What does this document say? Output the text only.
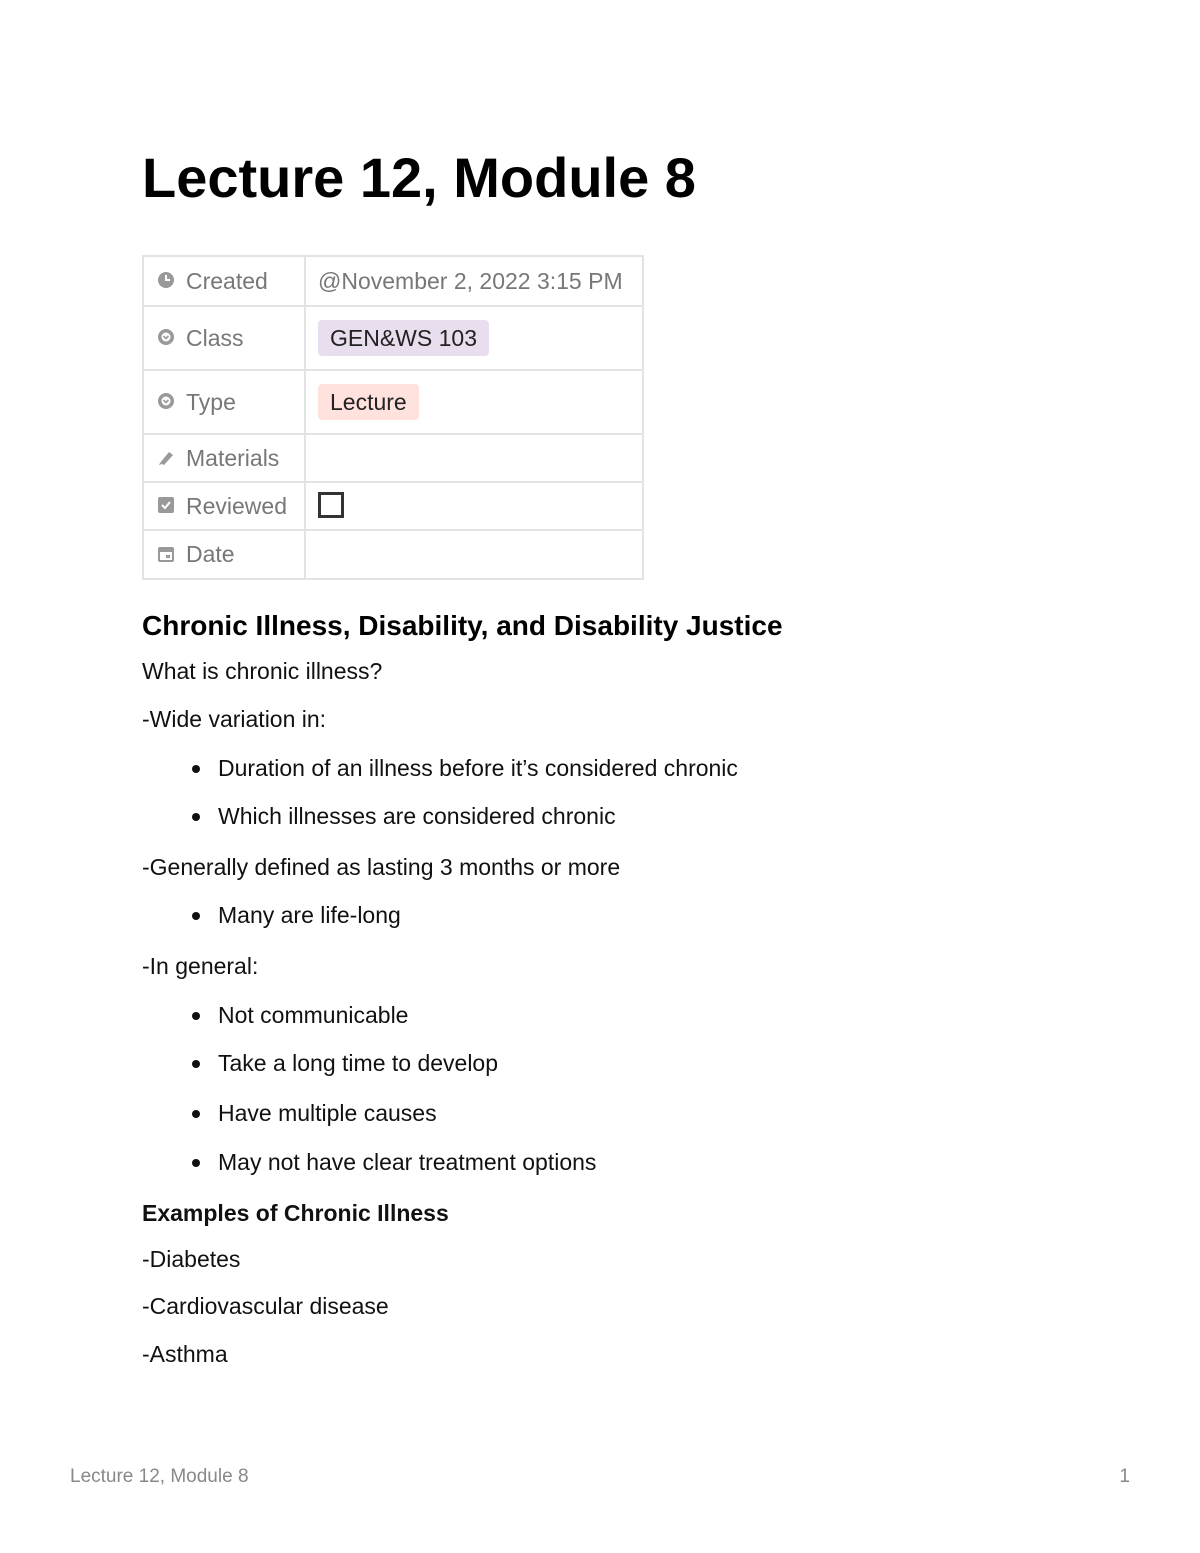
Lecture 12, Module 8
Created	@November 2, 2022 3:15 PM

Class	GEN&WS 103

Type	Lecture

Materials	

Reviewed	

Date	
Chronic Illness, Disability, and Disability Justice

What is chronic illness?

-Wide variation in:

Duration of an illness before it’s considered chronic

Which illnesses are considered chronic

-Generally defined as lasting 3 months or more

Many are life-long

-In general:

Not communicable

Take a long time to develop

Have multiple causes

May not have clear treatment options

Examples of Chronic Illness

-Diabetes

-Cardiovascular disease

-Asthma

Lecture 12, Module 8	1
